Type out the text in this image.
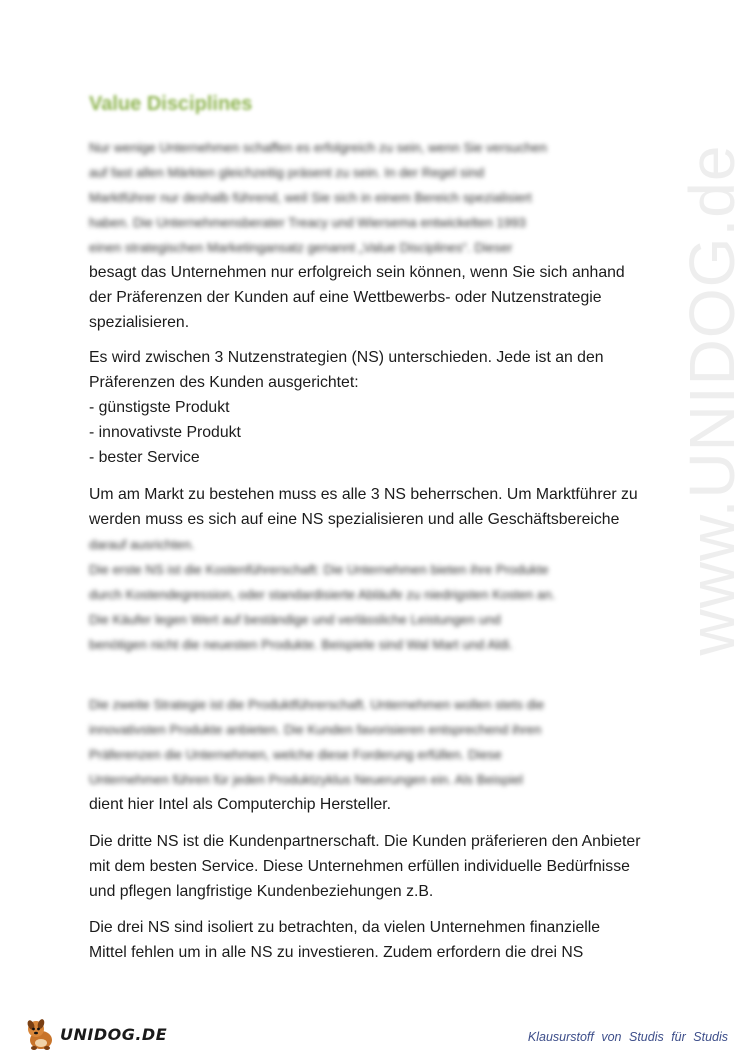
www.UNIDOG.de
Value Disciplines
Nur wenige Unternehmen schaffen es erfolgreich zu sein, wenn Sie versuchen
auf fast allen Märkten gleichzeitig präsent zu sein. In der Regel sind
Marktführer nur deshalb führend, weil Sie sich in einem Bereich spezialisiert
haben. Die Unternehmensberater Treacy und Wiersema entwickelten 1993
einen strategischen Marketingansatz genannt „Value Disciplines“. Dieser
besagt das Unternehmen nur erfolgreich sein können, wenn Sie sich anhand
der Präferenzen der Kunden auf eine Wettbewerbs- oder Nutzenstrategie
spezialisieren.
Es wird zwischen 3 Nutzenstrategien (NS) unterschieden. Jede ist an den
Präferenzen des Kunden ausgerichtet:
- günstigste Produkt
- innovativste Produkt
- bester Service
Um am Markt zu bestehen muss es alle 3 NS beherrschen. Um Marktführer zu
werden muss es sich auf eine NS spezialisieren und alle Geschäftsbereiche
darauf ausrichten.
Die erste NS ist die Kostenführerschaft: Die Unternehmen bieten ihre Produkte
durch Kostendegression, oder standardisierte Abläufe zu niedrigsten Kosten an.
Die Käufer legen Wert auf beständige und verlässliche Leistungen und
benötigen nicht die neuesten Produkte. Beispiele sind Wal Mart und Aldi.
Die zweite Strategie ist die Produktführerschaft. Unternehmen wollen stets die
innovativsten Produkte anbieten. Die Kunden favorisieren entsprechend ihren
Präferenzen die Unternehmen, welche diese Forderung erfüllen. Diese
Unternehmen führen für jeden Produktzyklus Neuerungen ein. Als Beispiel
dient hier Intel als Computerchip Hersteller.
Die dritte NS ist die Kundenpartnerschaft. Die Kunden präferieren den Anbieter
mit dem besten Service. Diese Unternehmen erfüllen individuelle Bedürfnisse
und pflegen langfristige Kundenbeziehungen z.B.
Die drei NS sind isoliert zu betrachten, da vielen Unternehmen finanzielle
Mittel fehlen um in alle NS zu investieren. Zudem erfordern die drei NS
UNIDOG.DE	Klausurstoff von Studis für Studis
